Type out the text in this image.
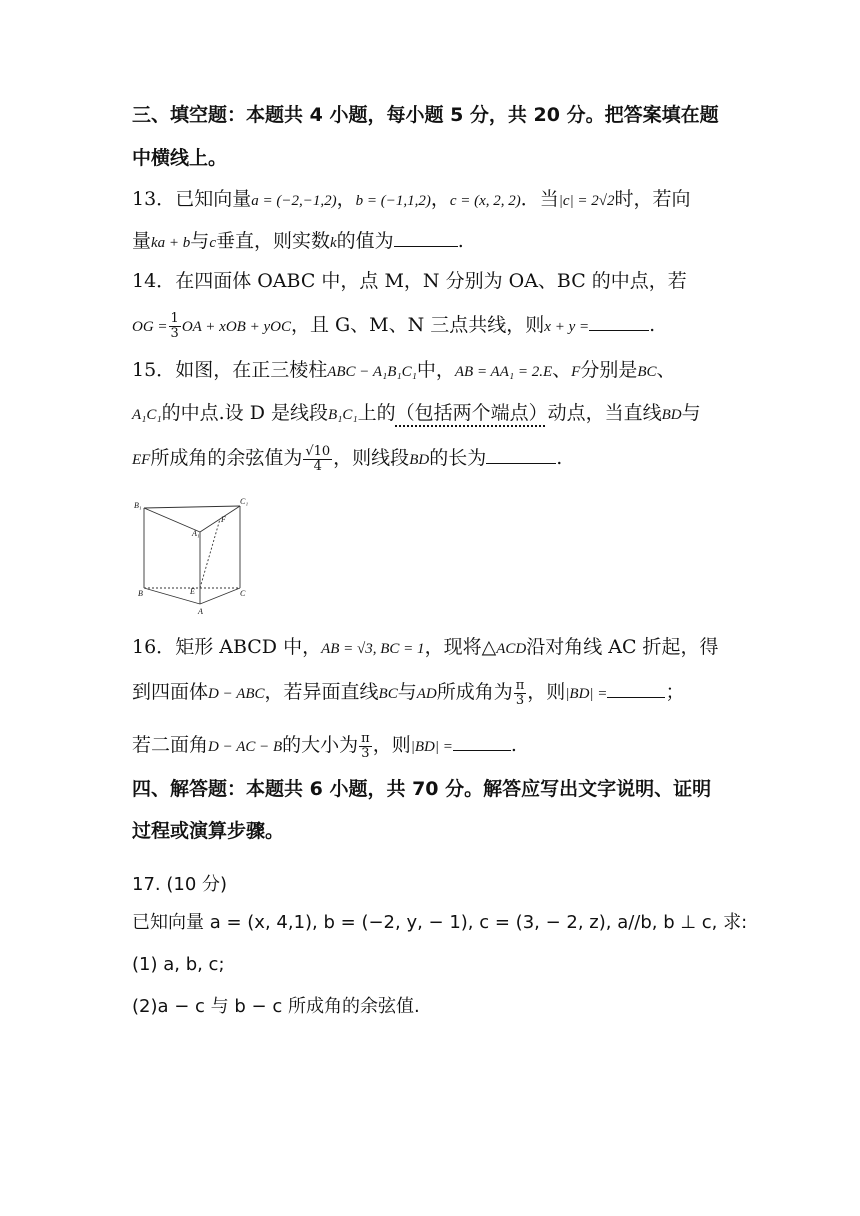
三、填空题：本题共 4 小题，每小题 5 分，共 20 分。把答案填在题
中横线上。
13．已知向量a = (−2,−1,2)，b = (−1,1,2)，c = (x, 2, 2)．当|c| = 2√2时，若向
量ka + b与c垂直，则实数k的值为	.
14．在四面体 OABC 中，点 M，N 分别为 OA、BC 的中点，若
OG = $\frac{1}{3}$ OA + xOB + yOC，且 G、M、N 三点共线，则x + y =	.
15．如图，在正三棱柱ABC − A₁B₁C₁中，AB = AA₁ = 2.E、F分别是BC、
A₁C₁的中点.设 D 是线段B₁C₁上的（包括两个端点）动点，当直线BD与
EF所成角的余弦值为 $\frac{√10}{4}$ ，则线段BD的长为	.
B₁	C₁
A₁
F
B	E	C
A
16．矩形 ABCD 中，AB = √3, BC = 1，现将△ACD沿对角线 AC 折起，得
到四面体D − ABC，若异面直线BC与AD所成角为 $\frac{\pi}{3}$ ，则|BD| =	；
若二面角D − AC − B的大小为 $\frac{\pi}{3}$ ，则|BD| =	.
四、解答题：本题共 6 小题，共 70 分。解答应写出文字说明、证明
过程或演算步骤。
17. (10 分)
已知向量 a = (x, 4,1), b = (−2, y, − 1), c = (3, − 2, z), a//b, b ⊥ c, 求:
(1) a, b, c;
(2)a − c 与 b − c 所成角的余弦值.
